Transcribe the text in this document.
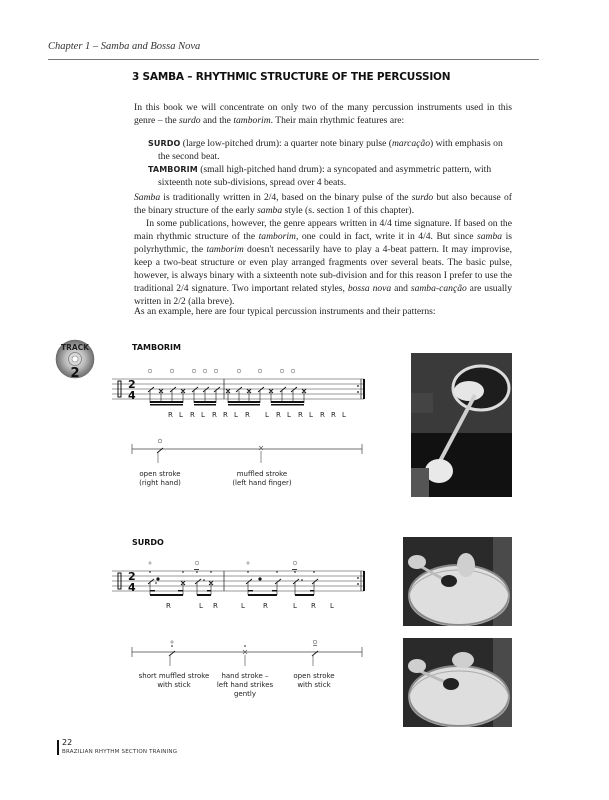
Chapter 1 – Samba and Bossa Nova
3 SAMBA – RHYTHMIC STRUCTURE OF THE PERCUSSION
In this book we will concentrate on only two of the many percussion instruments used in this genre – the surdo and the tamborim. Their main rhythmic features are:
SURDO (large low-pitched drum): a quarter note binary pulse (marcação) with emphasis on
the second beat.
TAMBORIM (small high-pitched hand drum): a syncopated and asymmetric pattern, with
sixteenth note sub-divisions, spread over 4 beats.
Samba is traditionally written in 2/4, based on the binary pulse of the surdo but also because of the binary structure of the early samba style (s. section 1 of this chapter).
In some publications, however, the genre appears written in 4/4 time signature. If based on the main rhythmic structure of the tamborim, one could in fact, write it in 4/4. But since samba is polyrhythmic, the tamborim doesn't necessarily have to play a 4-beat pattern. It may improvise, keep a two-beat structure or even play arranged fragments over several beats. The basic pulse, however, is always binary with a sixteenth note sub-division and for this reason I prefer to use the traditional 2/4 signature. Two important related styles, bossa nova and samba-canção are usually written in 2/2 (alla breve).
As an example, here are four typical percussion instruments and their patterns:
TRACK
2
TAMBORIM
2
4
R L R L R R L R L R L R L R R L
open stroke
(right hand)
muffled stroke
(left hand finger)
SURDO
2
4
R	L R	L	R	L R L
short muffled stroke
with stick
hand stroke –
left hand strikes gently
open stroke
with stick
22
BRAZILIAN RHYTHM SECTION TRAINING
